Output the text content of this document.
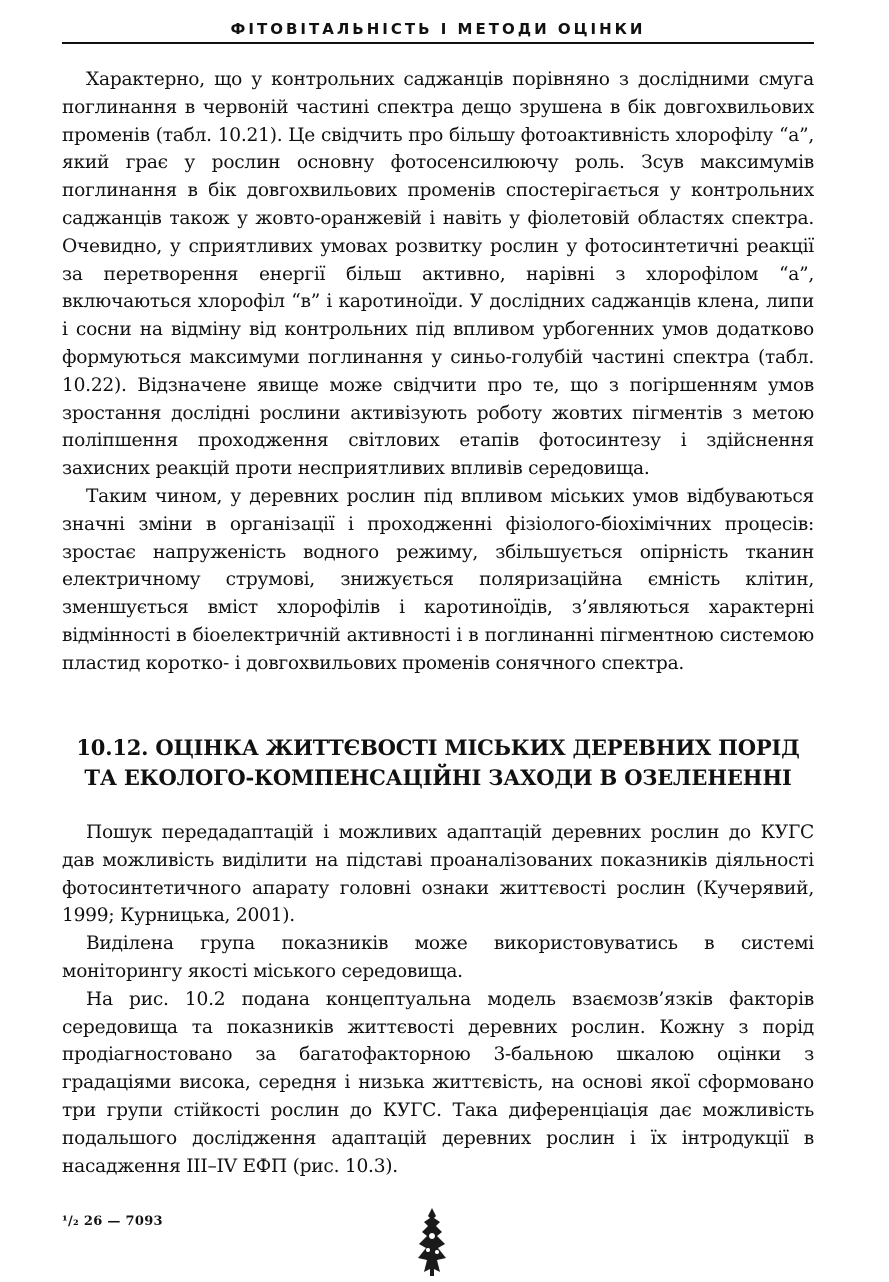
ФІТОВІТАЛЬНІСТЬ І МЕТОДИ ОЦІНКИ

Характерно, що у контрольних саджанців порівняно з дослідними смуга поглинання в червоній частині спектра дещо зрушена в бік довгохвильових променів (табл. 10.21). Це свідчить про більшу фотоактивність хлорофілу “а”, який грає у рослин основну фотосенсилюючу роль. Зсув максимумів поглинання в бік довгохвильових променів спостерігається у контрольних саджанців також у жовто-оранжевій і навіть у фіолетовій областях спектра. Очевидно, у сприятливих умовах розвитку рослин у фотосинтетичні реакції за перетворення енергії більш активно, нарівні з хлорофілом “а”, включаються хлорофіл “в” і каротиноїди. У дослідних саджанців клена, липи і сосни на відміну від контрольних під впливом урбогенних умов додатково формуються максимуми поглинання у синьо-голубій частині спектра (табл. 10.22). Відзначене явище може свідчити про те, що з погіршенням умов зростання дослідні рослини активізують роботу жовтих пігментів з метою поліпшення проходження світлових етапів фотосинтезу і здійснення захисних реакцій проти несприятливих впливів середовища.

Таким чином, у деревних рослин під впливом міських умов відбуваються значні зміни в організації і проходженні фізіолого-біохімічних процесів: зростає напруженість водного режиму, збільшується опірність тканин електричному струмові, знижується поляризаційна ємність клітин, зменшується вміст хлорофілів і каротиноїдів, з’являються характерні відмінності в біоелектричній активності і в поглинанні пігментною системою пластид коротко- і довгохвильових променів сонячного спектра.

10.12. ОЦІНКА ЖИТТЄВОСТІ МІСЬКИХ ДЕРЕВНИХ ПОРІД ТА ЕКОЛОГО-КОМПЕНСАЦІЙНІ ЗАХОДИ В ОЗЕЛЕНЕННІ

Пошук передадаптацій і можливих адаптацій деревних рослин до КУГС дав можливість виділити на підставі проаналізованих показників діяльності фотосинтетичного апарату головні ознаки життєвості рослин (Кучерявий, 1999; Курницька, 2001).

Виділена група показників може використовуватись в системі моніторингу якості міського середовища.

На рис. 10.2 подана концептуальна модель взаємозв’язків факторів середовища та показників життєвості деревних рослин. Кожну з порід продіагностовано за багатофакторною 3-бальною шкалою оцінки з градаціями висока, середня і низька життєвість, на основі якої сформовано три групи стійкості рослин до КУГС. Така диференціація дає можливість подальшого дослідження адаптацій деревних рослин і їх інтродукції в насадження III–IV ЕФП (рис. 10.3).

¹/₂ 26 — 7093
